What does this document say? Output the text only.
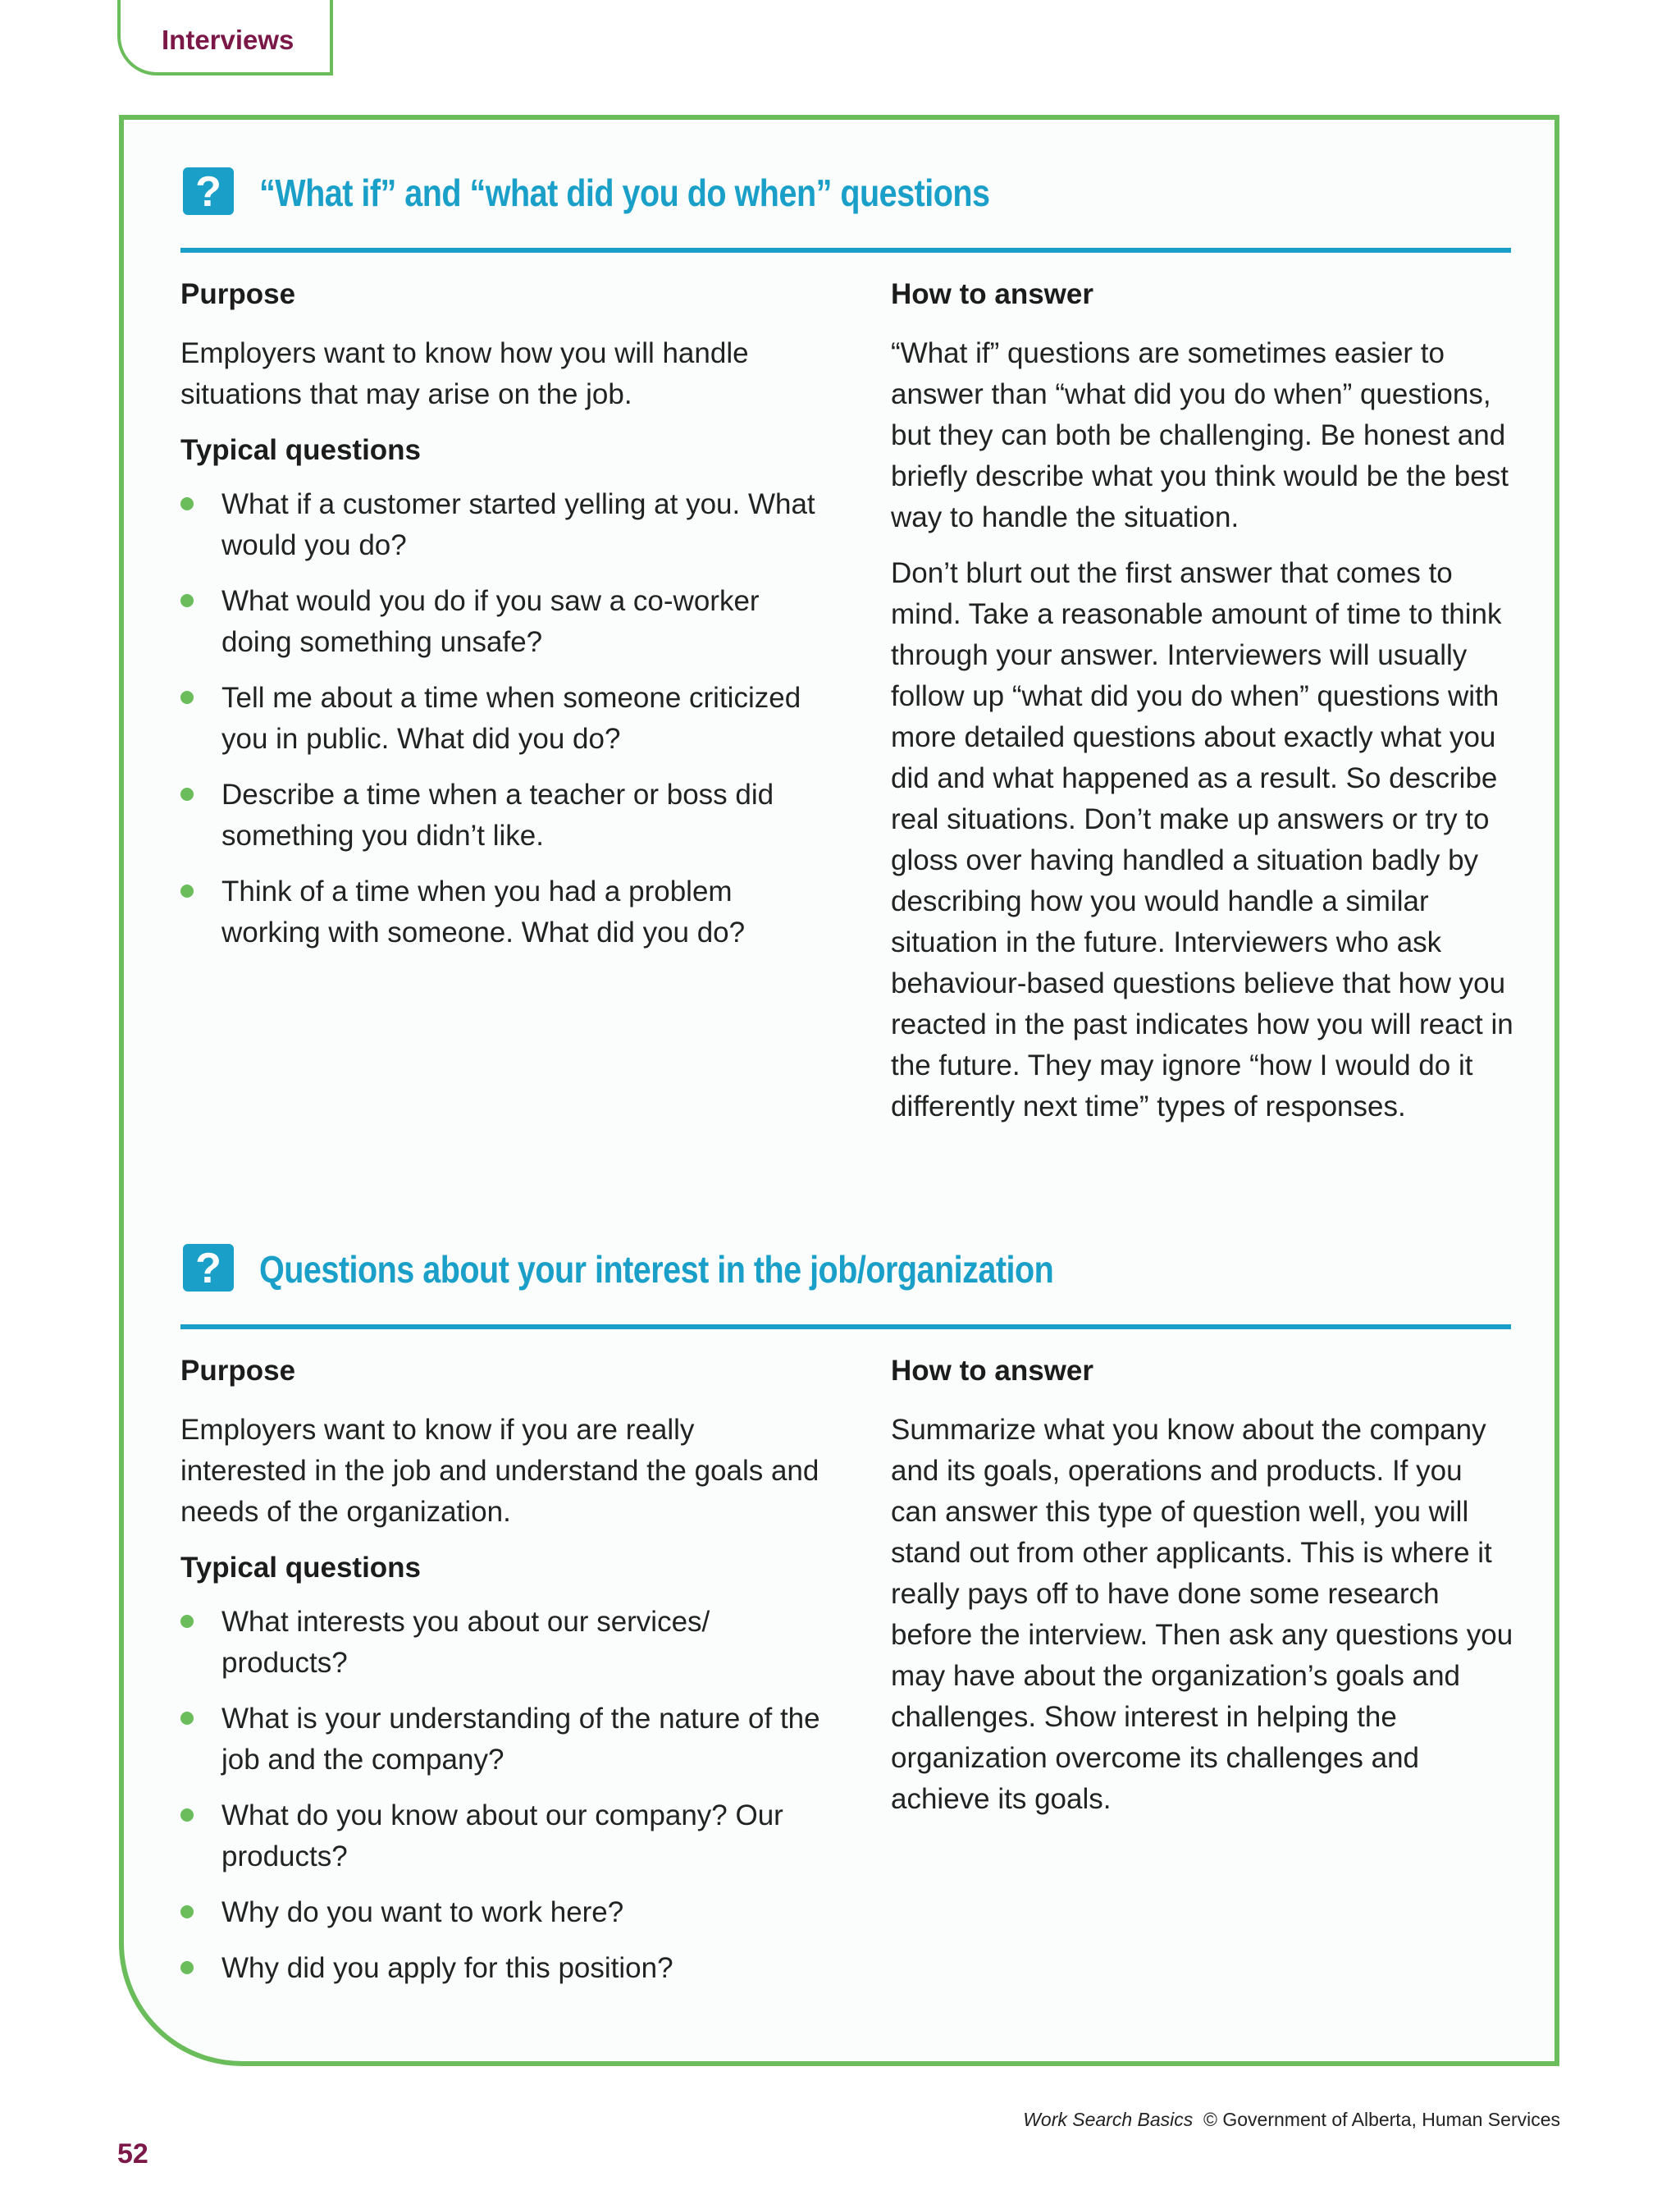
Interviews
?	“What if” and “what did you do when” questions
Purpose
Employers want to know how you will handle situations that may arise on the job.
Typical questions
What if a customer started yelling at you. What would you do?
What would you do if you saw a co-worker doing something unsafe?
Tell me about a time when someone criticized you in public. What did you do?
Describe a time when a teacher or boss did something you didn’t like.
Think of a time when you had a problem working with someone. What did you do?
How to answer
“What if” questions are sometimes easier to answer than “what did you do when” questions, but they can both be challenging. Be honest and briefly describe what you think would be the best way to handle the situation.
Don’t blurt out the first answer that comes to mind. Take a reasonable amount of time to think through your answer. Interviewers will usually follow up “what did you do when” questions with more detailed questions about exactly what you did and what happened as a result. So describe real situations. Don’t make up answers or try to gloss over having handled a situation badly by describing how you would handle a similar situation in the future. Interviewers who ask behaviour-based questions believe that how you reacted in the past indicates how you will react in the future. They may ignore “how I would do it differently next time” types of responses.
?	Questions about your interest in the job/organization
Purpose
Employers want to know if you are really interested in the job and understand the goals and needs of the organization.
Typical questions
What interests you about our services/ products?
What is your understanding of the nature of the job and the company?
What do you know about our company? Our products?
Why do you want to work here?
Why did you apply for this position?
How to answer
Summarize what you know about the company and its goals, operations and products. If you can answer this type of question well, you will stand out from other applicants. This is where it really pays off to have done some research before the interview. Then ask any questions you may have about the organization’s goals and challenges. Show interest in helping the organization overcome its challenges and achieve its goals.
52
Work Search Basics © Government of Alberta, Human Services
